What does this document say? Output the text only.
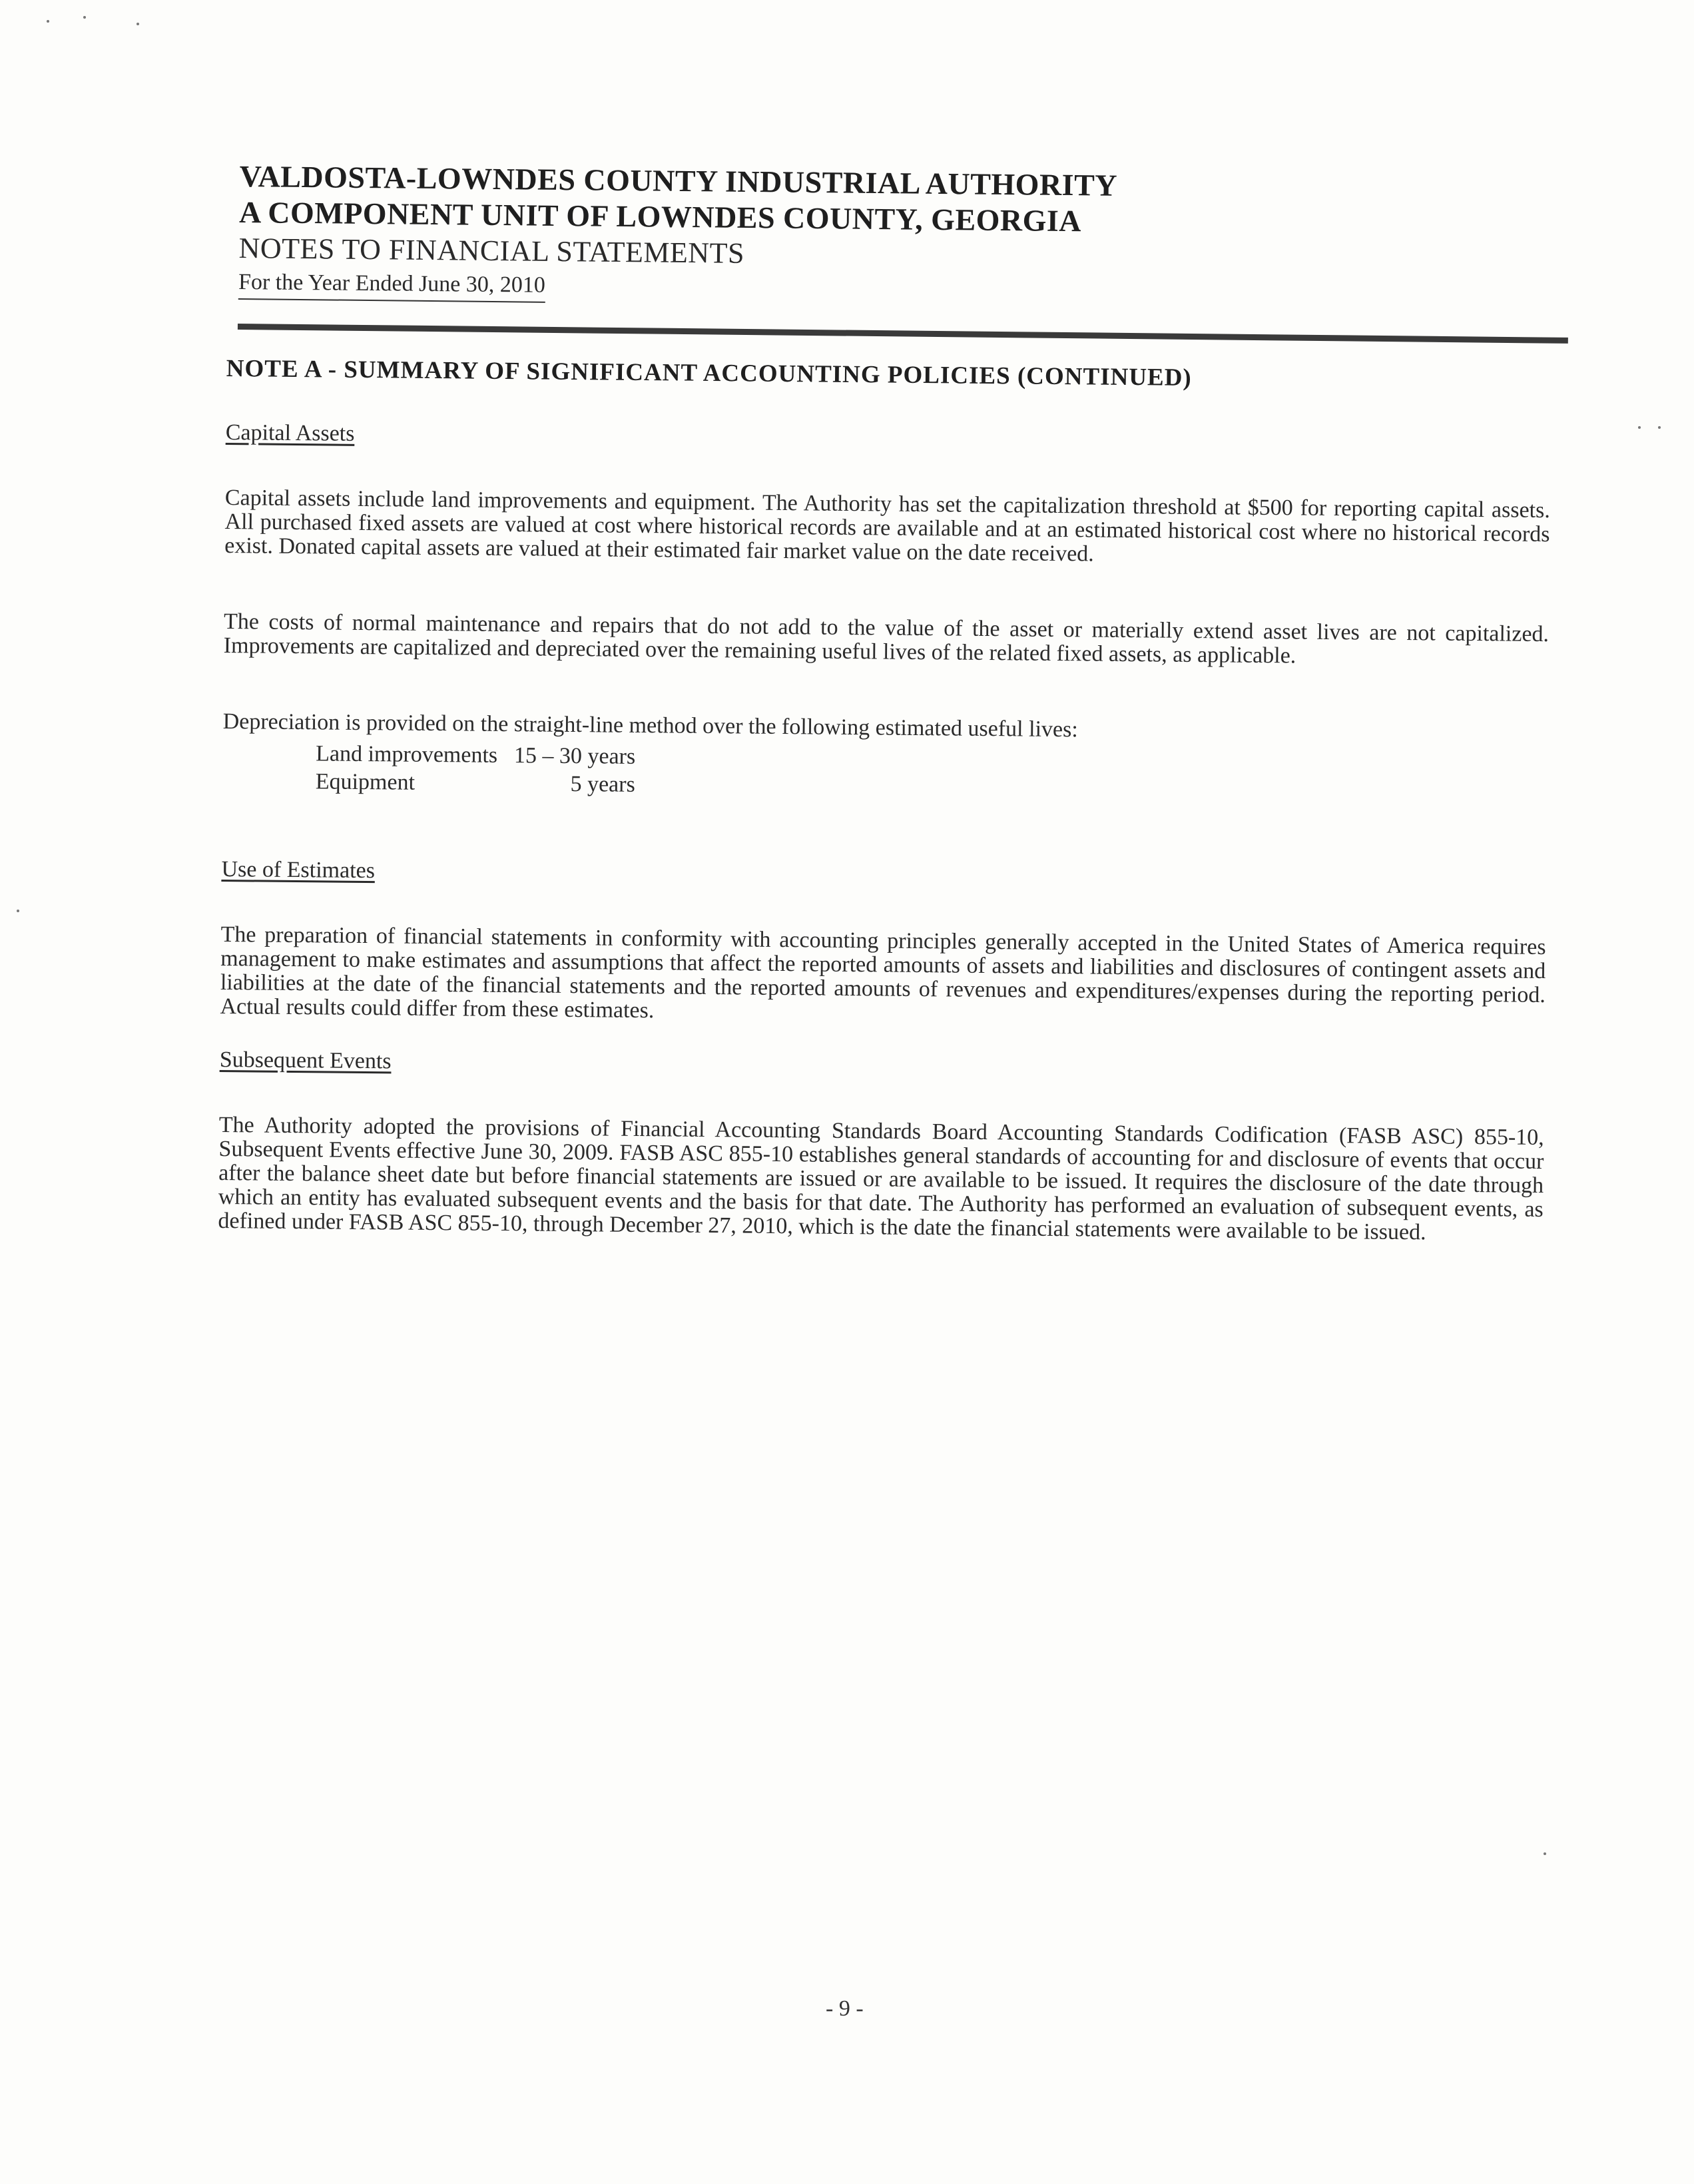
VALDOSTA-LOWNDES COUNTY INDUSTRIAL AUTHORITY
A COMPONENT UNIT OF LOWNDES COUNTY, GEORGIA
NOTES TO FINANCIAL STATEMENTS
For the Year Ended June 30, 2010
NOTE A - SUMMARY OF SIGNIFICANT ACCOUNTING POLICIES (CONTINUED)
Capital Assets

Capital assets include land improvements and equipment. The Authority has set the capitalization threshold at $500 for reporting capital assets. All purchased fixed assets are valued at cost where historical records are available and at an estimated historical cost where no historical records exist. Donated capital assets are valued at their estimated fair market value on the date received.

The costs of normal maintenance and repairs that do not add to the value of the asset or materially extend asset lives are not capitalized. Improvements are capitalized and depreciated over the remaining useful lives of the related fixed assets, as applicable.

Depreciation is provided on the straight-line method over the following estimated useful lives:

Land improvements 15 – 30 years
Equipment	5 years
Use of Estimates

The preparation of financial statements in conformity with accounting principles generally accepted in the United States of America requires management to make estimates and assumptions that affect the reported amounts of assets and liabilities and disclosures of contingent assets and liabilities at the date of the financial statements and the reported amounts of revenues and expenditures/expenses during the reporting period. Actual results could differ from these estimates.

Subsequent Events

The Authority adopted the provisions of Financial Accounting Standards Board Accounting Standards Codification (FASB ASC) 855-10, Subsequent Events effective June 30, 2009. FASB ASC 855-10 establishes general standards of accounting for and disclosure of events that occur after the balance sheet date but before financial statements are issued or are available to be issued. It requires the disclosure of the date through which an entity has evaluated subsequent events and the basis for that date. The Authority has performed an evaluation of subsequent events, as defined under FASB ASC 855-10, through December 27, 2010, which is the date the financial statements were available to be issued.

- 9 -
